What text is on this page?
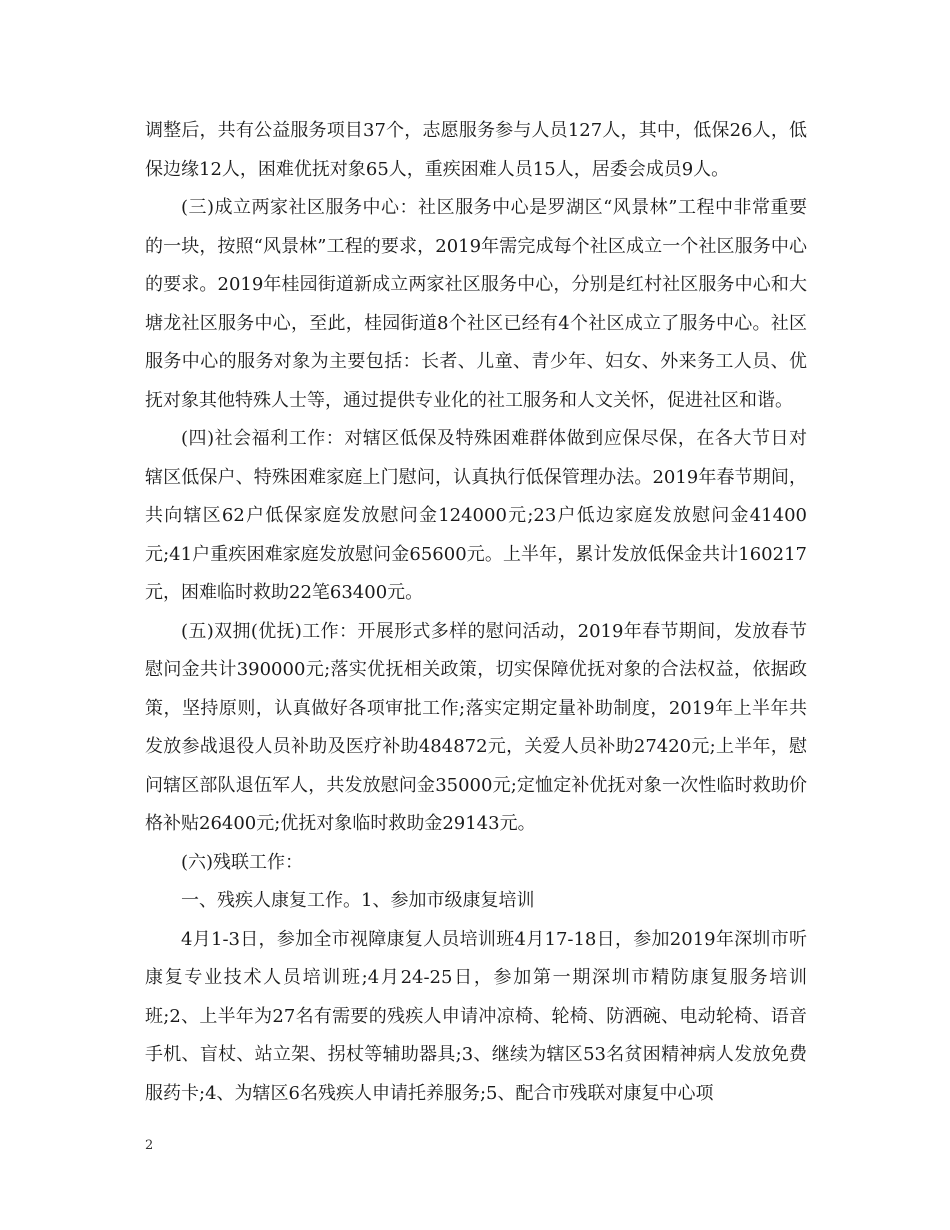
调整后，共有公益服务项目37个，志愿服务参与人员127人，其中，低保26人，低保边缘12人，困难优抚对象65人，重疾困难人员15人，居委会成员9人。

(三)成立两家社区服务中心：社区服务中心是罗湖区“风景林”工程中非常重要的一块，按照“风景林”工程的要求，2019年需完成每个社区成立一个社区服务中心的要求。2019年桂园街道新成立两家社区服务中心，分别是红村社区服务中心和大塘龙社区服务中心，至此，桂园街道8个社区已经有4个社区成立了服务中心。社区服务中心的服务对象为主要包括：长者、儿童、青少年、妇女、外来务工人员、优抚对象其他特殊人士等，通过提供专业化的社工服务和人文关怀，促进社区和谐。

(四)社会福利工作：对辖区低保及特殊困难群体做到应保尽保，在各大节日对辖区低保户、特殊困难家庭上门慰问，认真执行低保管理办法。2019年春节期间，共向辖区62户低保家庭发放慰问金124000元;23户低边家庭发放慰问金41400元;41户重疾困难家庭发放慰问金65600元。上半年，累计发放低保金共计160217元，困难临时救助22笔63400元。

(五)双拥(优抚)工作：开展形式多样的慰问活动，2019年春节期间，发放春节慰问金共计390000元;落实优抚相关政策，切实保障优抚对象的合法权益，依据政策，坚持原则，认真做好各项审批工作;落实定期定量补助制度，2019年上半年共发放参战退役人员补助及医疗补助484872元，关爱人员补助27420元;上半年，慰问辖区部队退伍军人，共发放慰问金35000元;定恤定补优抚对象一次性临时救助价格补贴26400元;优抚对象临时救助金29143元。

(六)残联工作：

一、残疾人康复工作。1、参加市级康复培训

4月1-3日，参加全市视障康复人员培训班4月17-18日，参加2019年深圳市听康复专业技术人员培训班;4月24-25日，参加第一期深圳市精防康复服务培训班;2、上半年为27名有需要的残疾人申请冲凉椅、轮椅、防洒碗、电动轮椅、语音手机、盲杖、站立架、拐杖等辅助器具;3、继续为辖区53名贫困精神病人发放免费服药卡;4、为辖区6名残疾人申请托养服务;5、配合市残联对康复中心项

2
